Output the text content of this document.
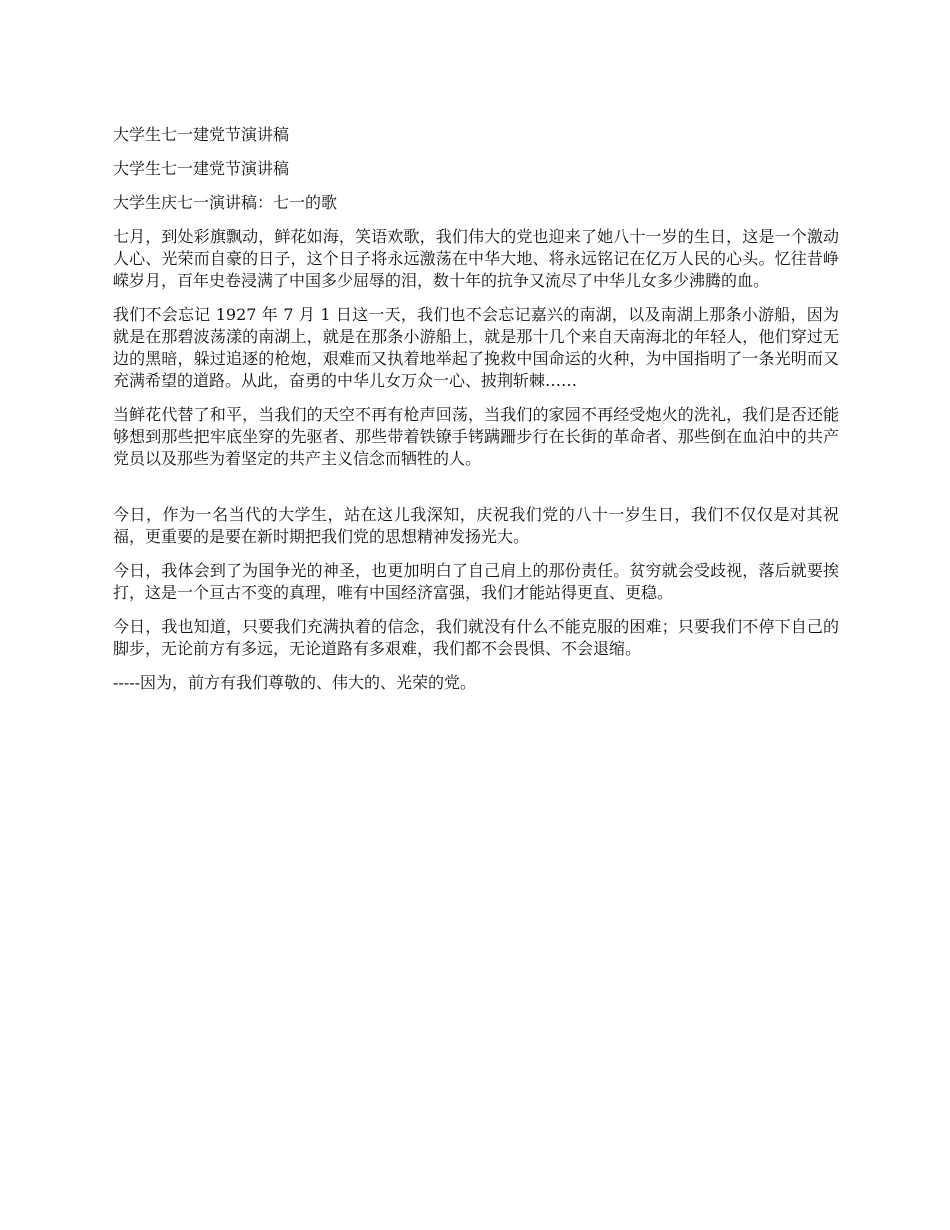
大学生七一建党节演讲稿
大学生七一建党节演讲稿
大学生庆七一演讲稿：七一的歌

七月，到处彩旗飘动，鲜花如海，笑语欢歌，我们伟大的党也迎来了她八十一岁的生日，这是一个激动人心、光荣而自豪的日子，这个日子将永远激荡在中华大地、将永远铭记在亿万人民的心头。忆往昔峥嵘岁月，百年史卷浸满了中国多少屈辱的泪，数十年的抗争又流尽了中华儿女多少沸腾的血。

我们不会忘记 1927 年 7 月 1 日这一天，我们也不会忘记嘉兴的南湖，以及南湖上那条小游船，因为就是在那碧波荡漾的南湖上，就是在那条小游船上，就是那十几个来自天南海北的年轻人，他们穿过无边的黑暗，躲过追逐的枪炮，艰难而又执着地举起了挽救中国命运的火种，为中国指明了一条光明而又充满希望的道路。从此，奋勇的中华儿女万众一心、披荆斩棘……

当鲜花代替了和平，当我们的天空不再有枪声回荡，当我们的家园不再经受炮火的洗礼，我们是否还能够想到那些把牢底坐穿的先驱者、那些带着铁镣手铐蹒跚步行在长街的革命者、那些倒在血泊中的共产党员以及那些为着坚定的共产主义信念而牺牲的人。

今日，作为一名当代的大学生，站在这儿我深知，庆祝我们党的八十一岁生日，我们不仅仅是对其祝福，更重要的是要在新时期把我们党的思想精神发扬光大。

今日，我体会到了为国争光的神圣，也更加明白了自己肩上的那份责任。贫穷就会受歧视，落后就要挨打，这是一个亘古不变的真理，唯有中国经济富强，我们才能站得更直、更稳。

今日，我也知道，只要我们充满执着的信念，我们就没有什么不能克服的困难；只要我们不停下自己的脚步，无论前方有多远，无论道路有多艰难，我们都不会畏惧、不会退缩。

-----因为，前方有我们尊敬的、伟大的、光荣的党。
